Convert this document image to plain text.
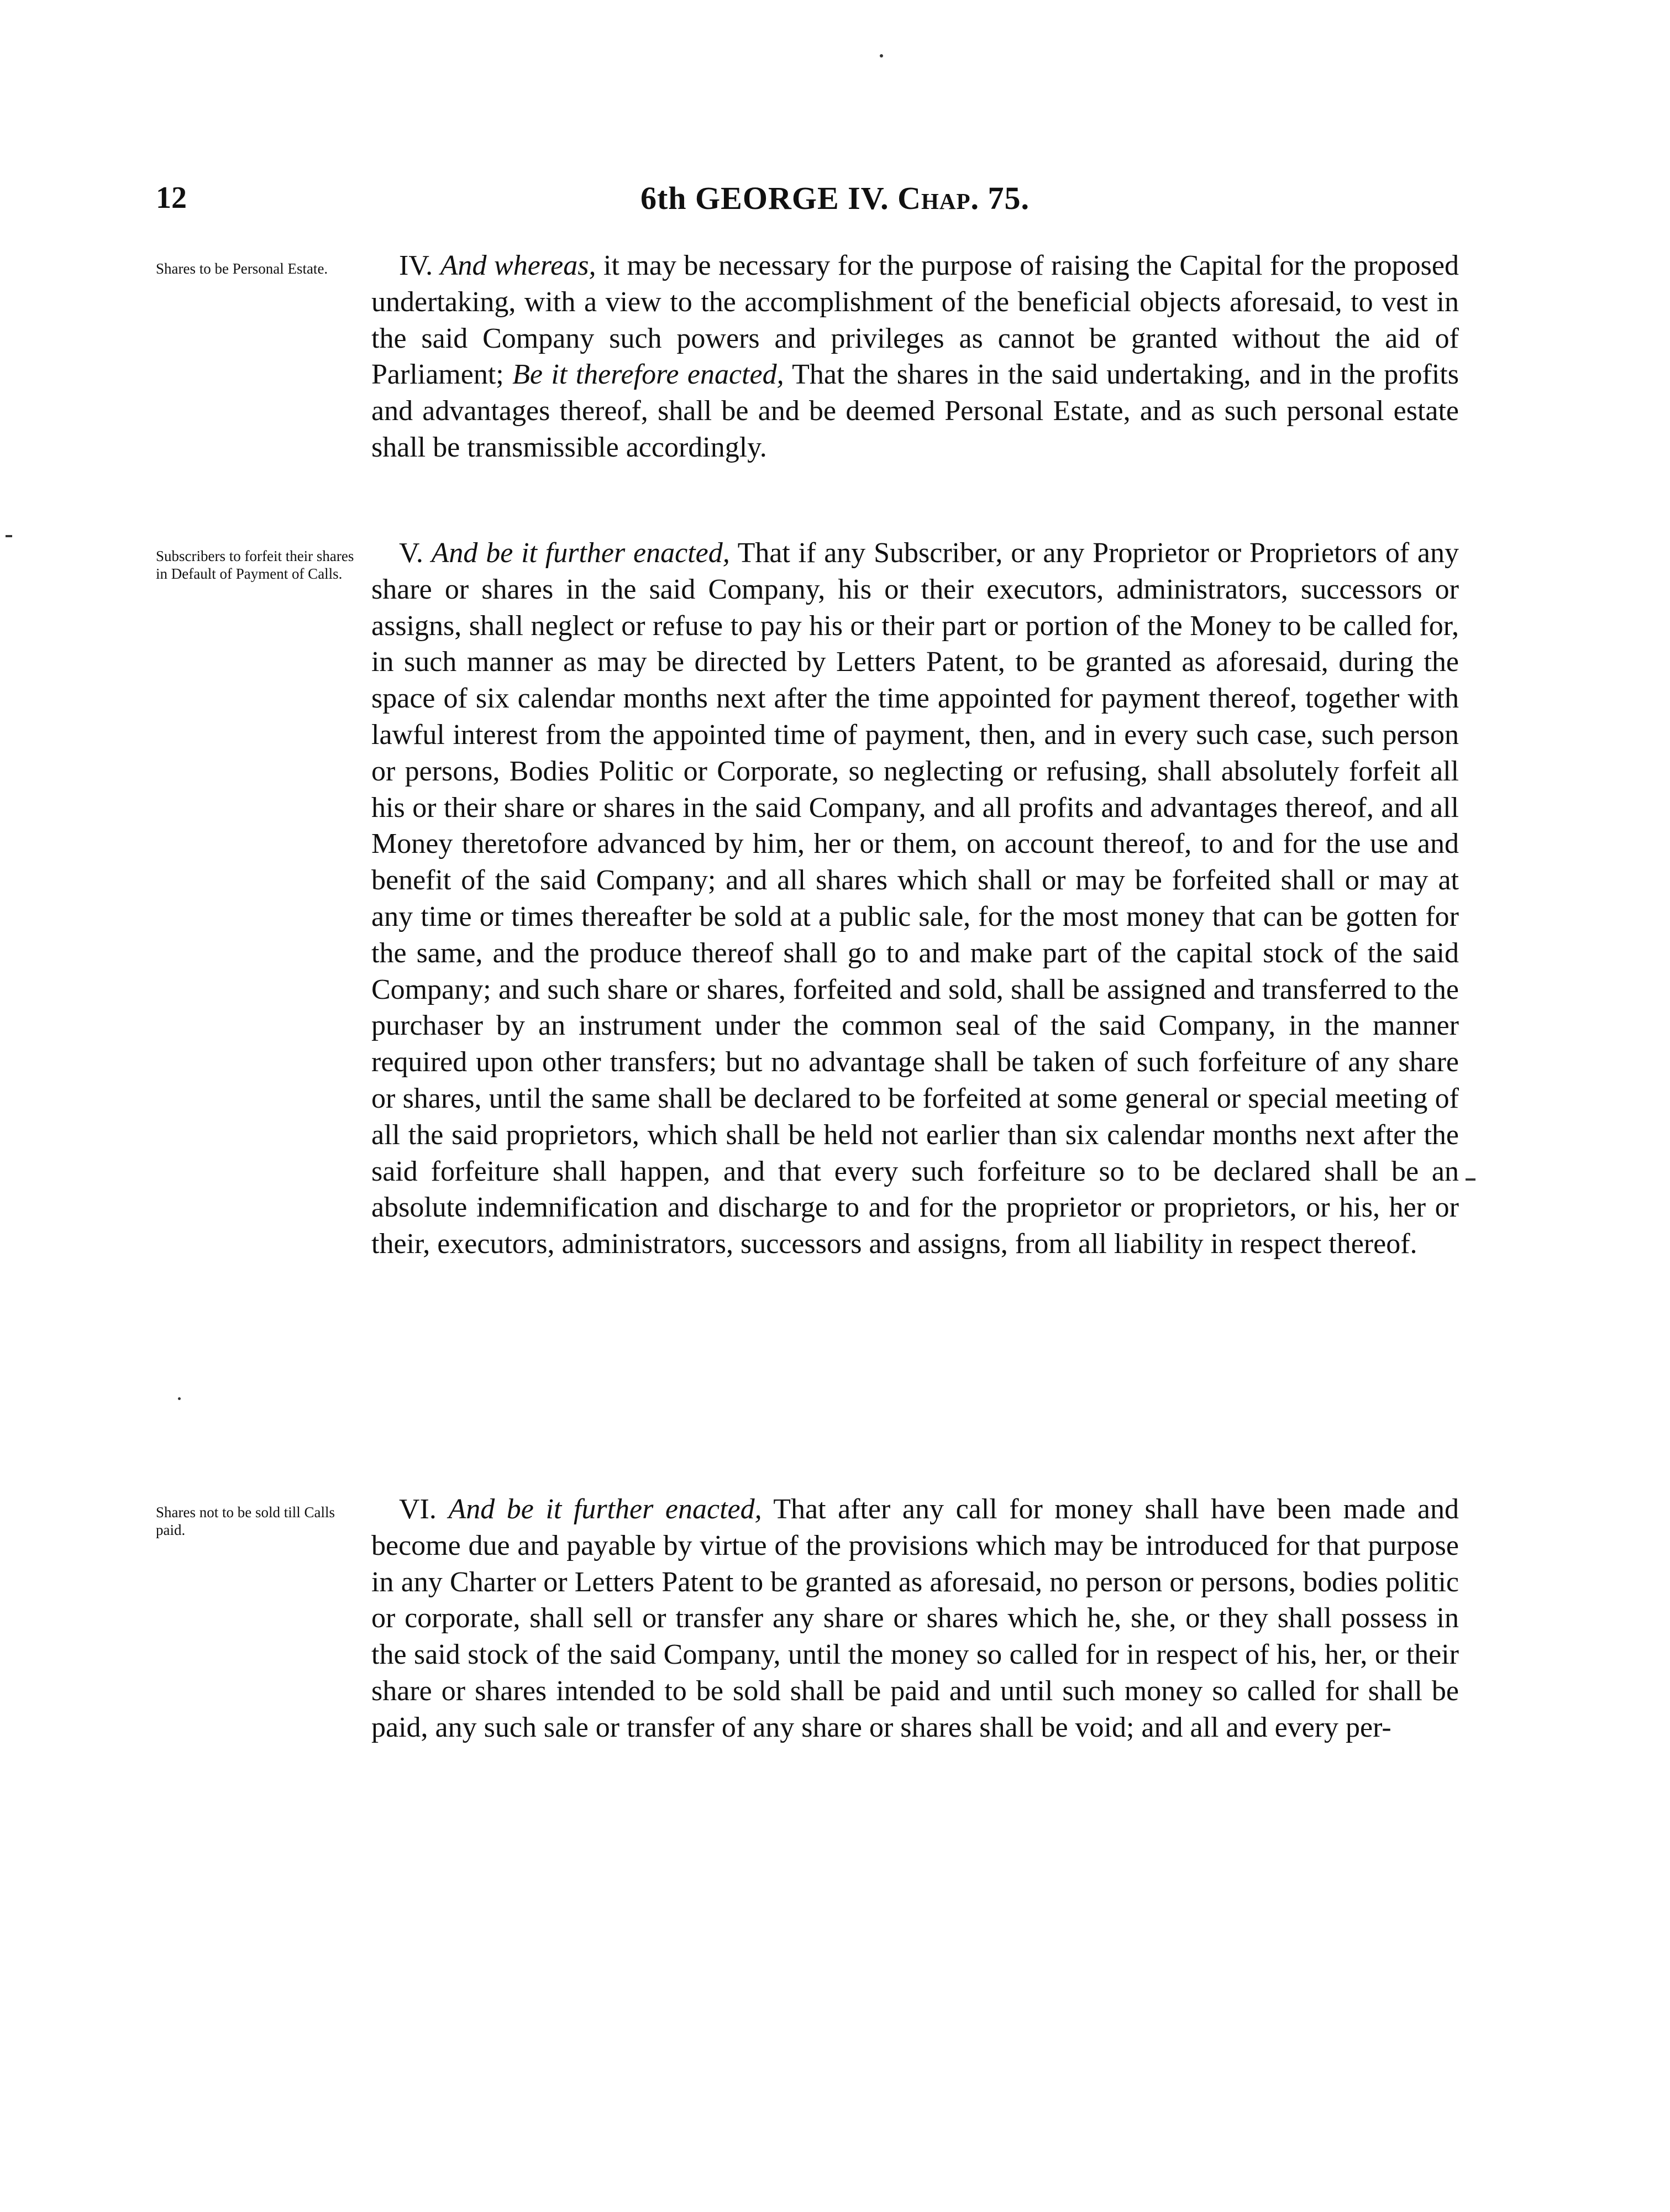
12	6th GEORGE IV. Chap. 75.
Shares to be Personal Estate.	IV. And whereas, it may be necessary for the purpose of raising the Capital for the proposed undertaking, with a view to the accomplishment of the beneficial objects aforesaid, to vest in the said Company such powers and privileges as cannot be granted without the aid of Parliament; Be it therefore enacted, That the shares in the said undertaking, and in the profits and advantages thereof, shall be and be deemed Personal Estate, and as such personal estate shall be transmissible accordingly.

Subscribers to forfeit their shares in Default of Payment of Calls.

V. And be it further enacted, That if any Subscriber, or any Proprietor or Proprietors of any share or shares in the said Company, his or their executors, administrators, successors or assigns, shall neglect or refuse to pay his or their part or portion of the Money to be called for, in such manner as may be directed by Letters Patent, to be granted as aforesaid, during the space of six calendar months next after the time appointed for payment thereof, together with lawful interest from the appointed time of payment, then, and in every such case, such person or persons, Bodies Politic or Corporate, so neglecting or refusing, shall absolutely forfeit all his or their share or shares in the said Company, and all profits and advantages thereof, and all Money theretofore advanced by him, her or them, on account thereof, to and for the use and benefit of the said Company; and all shares which shall or may be forfeited shall or may at any time or times thereafter be sold at a public sale, for the most money that can be gotten for the same, and the produce thereof shall go to and make part of the capital stock of the said Company; and such share or shares, forfeited and sold, shall be assigned and transferred to the purchaser by an instrument under the common seal of the said Company, in the manner required upon other transfers; but no advantage shall be taken of such forfeiture of any share or shares, until the same shall be declared to be forfeited at some general or special meeting of all the said proprietors, which shall be held not earlier than six calendar months next after the said forfeiture shall happen, and that every such forfeiture so to be declared shall be an absolute indemnification and discharge to and for the proprietor or proprietors, or his, her or their, executors, administrators, successors and assigns, from all liability in respect thereof.

Shares not to be sold till Calls paid.

VI. And be it further enacted, That after any call for money shall have been made and become due and payable by virtue of the provisions which may be introduced for that purpose in any Charter or Letters Patent to be granted as aforesaid, no person or persons, bodies politic or corporate, shall sell or transfer any share or shares which he, she, or they shall possess in the said stock of the said Company, until the money so called for in respect of his, her, or their share or shares intended to be sold shall be paid and until such money so called for shall be paid, any such sale or transfer of any share or shares shall be void; and all and every per-
